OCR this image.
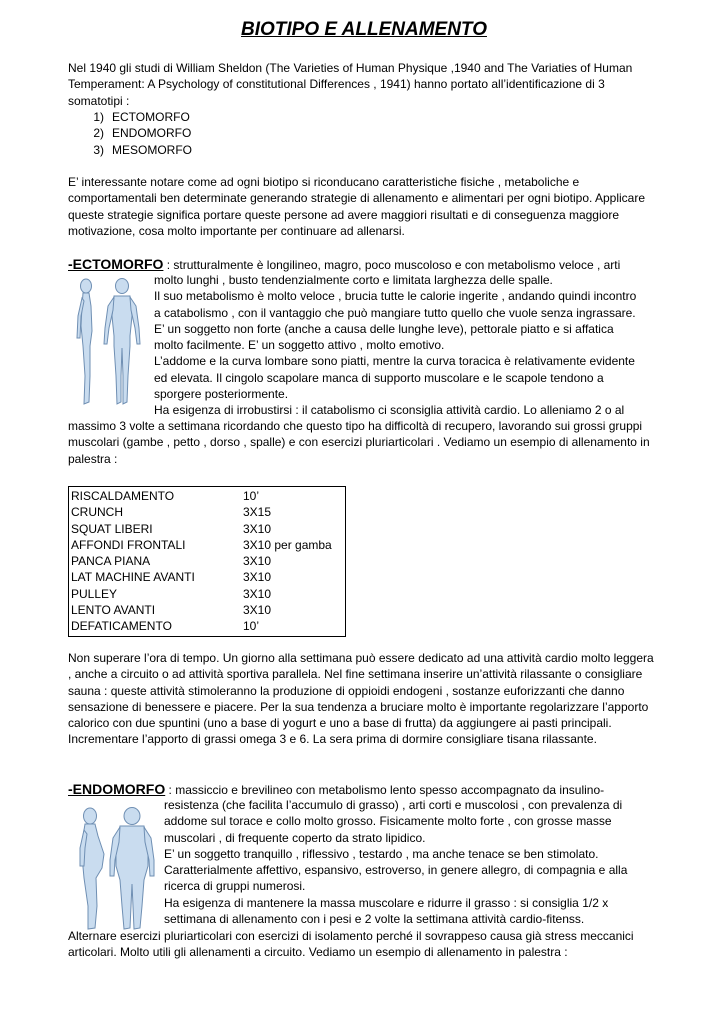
BIOTIPO E ALLENAMENTO
Nel 1940 gli studi di William Sheldon (The Varieties of Human Physique ,1940 and The Variaties of Human Temperament: A Psychology of constitutional Differences , 1941) hanno portato all’identificazione di 3 somatotipi :
1) ECTOMORFO
2) ENDOMORFO
3) MESOMORFO
E’ interessante notare come ad ogni biotipo si riconducano caratteristiche fisiche , metaboliche e comportamentali ben determinate generando strategie di allenamento e alimentari per ogni biotipo. Applicare queste strategie significa portare queste persone ad avere maggiori risultati e di conseguenza maggiore motivazione, cosa molto importante per continuare ad allenarsi.
-ECTOMORFO : strutturalmente è longilineo, magro, poco muscoloso e con metabolismo veloce , arti
molto lunghi , busto tendenzialmente corto e limitata larghezza delle spalle.
Il suo metabolismo è molto veloce , brucia tutte le calorie ingerite , andando quindi incontro
a catabolismo , con il vantaggio che può mangiare tutto quello che vuole senza ingrassare.
E’ un soggetto non forte (anche a causa delle lunghe leve), pettorale piatto e si affatica
molto facilmente. E’ un soggetto attivo , molto emotivo.
L’addome e la curva lombare sono piatti, mentre la curva toracica è relativamente evidente
ed elevata. Il cingolo scapolare manca di supporto muscolare e le scapole tendono a
sporgere posteriormente.
Ha esigenza di irrobustirsi : il catabolismo ci sconsiglia attività cardio. Lo alleniamo 2 o al
massimo 3 volte a settimana ricordando che questo tipo ha difficoltà di recupero, lavorando sui grossi gruppi muscolari (gambe , petto , dorso , spalle) e con esercizi pluriarticolari . Vediamo un esempio di allenamento in palestra :
RISCALDAMENTO	10’
CRUNCH	3X15
SQUAT LIBERI	3X10
AFFONDI FRONTALI	3X10 per gamba
PANCA PIANA	3X10
LAT MACHINE AVANTI	3X10
PULLEY	3X10
LENTO AVANTI	3X10
DEFATICAMENTO	10’
Non superare l’ora di tempo. Un giorno alla settimana può essere dedicato ad una attività cardio molto leggera , anche a circuito o ad attività sportiva parallela. Nel fine settimana inserire un’attività rilassante o consigliare sauna : queste attività stimoleranno la produzione di oppioidi endogeni , sostanze euforizzanti che danno sensazione di benessere e piacere. Per la sua tendenza a bruciare molto è importante regolarizzare l’apporto calorico con due spuntini (uno a base di yogurt e uno a base di frutta) da aggiungere ai pasti principali. Incrementare l’apporto di grassi omega 3 e 6. La sera prima di dormire consigliare tisana rilassante.
-ENDOMORFO : massiccio e brevilineo con metabolismo lento spesso accompagnato da insulino-
resistenza (che facilita l’accumulo di grasso) , arti corti e muscolosi , con prevalenza di
addome sul torace e collo molto grosso. Fisicamente molto forte , con grosse masse
muscolari , di frequente coperto da strato lipidico.
E’ un soggetto tranquillo , riflessivo , testardo , ma anche tenace se ben stimolato.
Caratterialmente affettivo, espansivo, estroverso, in genere allegro, di compagnia e alla
ricerca di gruppi numerosi.
Ha esigenza di mantenere la massa muscolare e ridurre il grasso : si consiglia 1/2 x
settimana di allenamento con i pesi e 2 volte la settimana attività cardio-fitenss.
Alternare esercizi pluriarticolari con esercizi di isolamento perché il sovrappeso causa già stress meccanici articolari. Molto utili gli allenamenti a circuito. Vediamo un esempio di allenamento in palestra :
